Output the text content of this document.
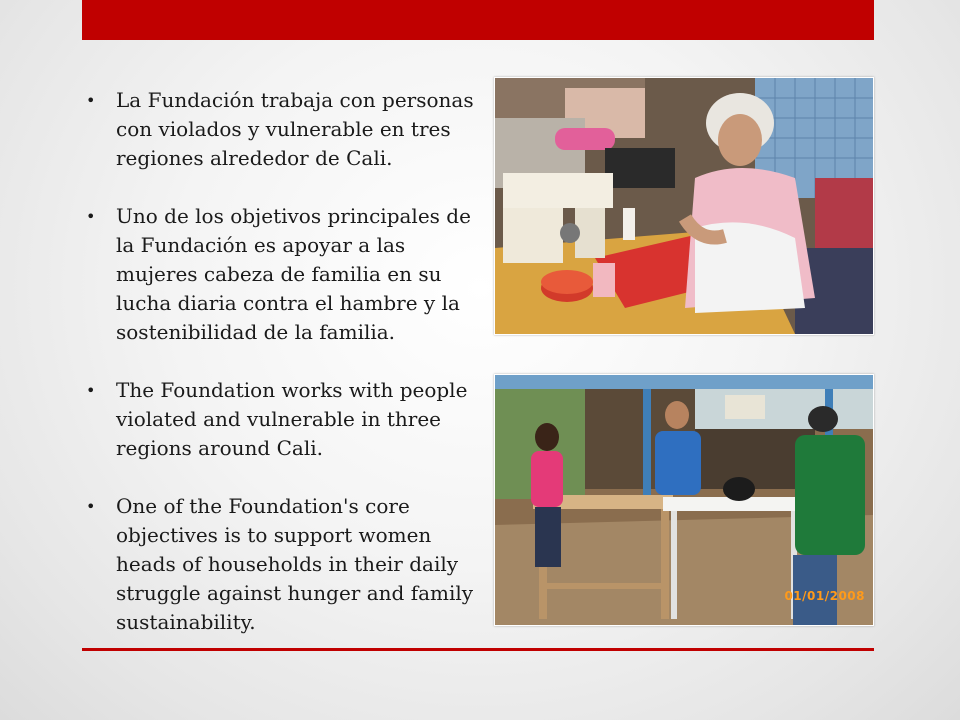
• La Fundación trabaja con personas con violados y vulnerable en tres regiones alrededor de Cali.
• Uno de los objetivos principales de la Fundación es apoyar a las mujeres cabeza de familia en su lucha diaria contra el hambre y la sostenibilidad de la familia.
• The Foundation works with people violated and vulnerable in three regions around Cali.
• One of the Foundation's core objectives is to support women heads of households in their daily struggle against hunger and family sustainability.
01/01/2008
